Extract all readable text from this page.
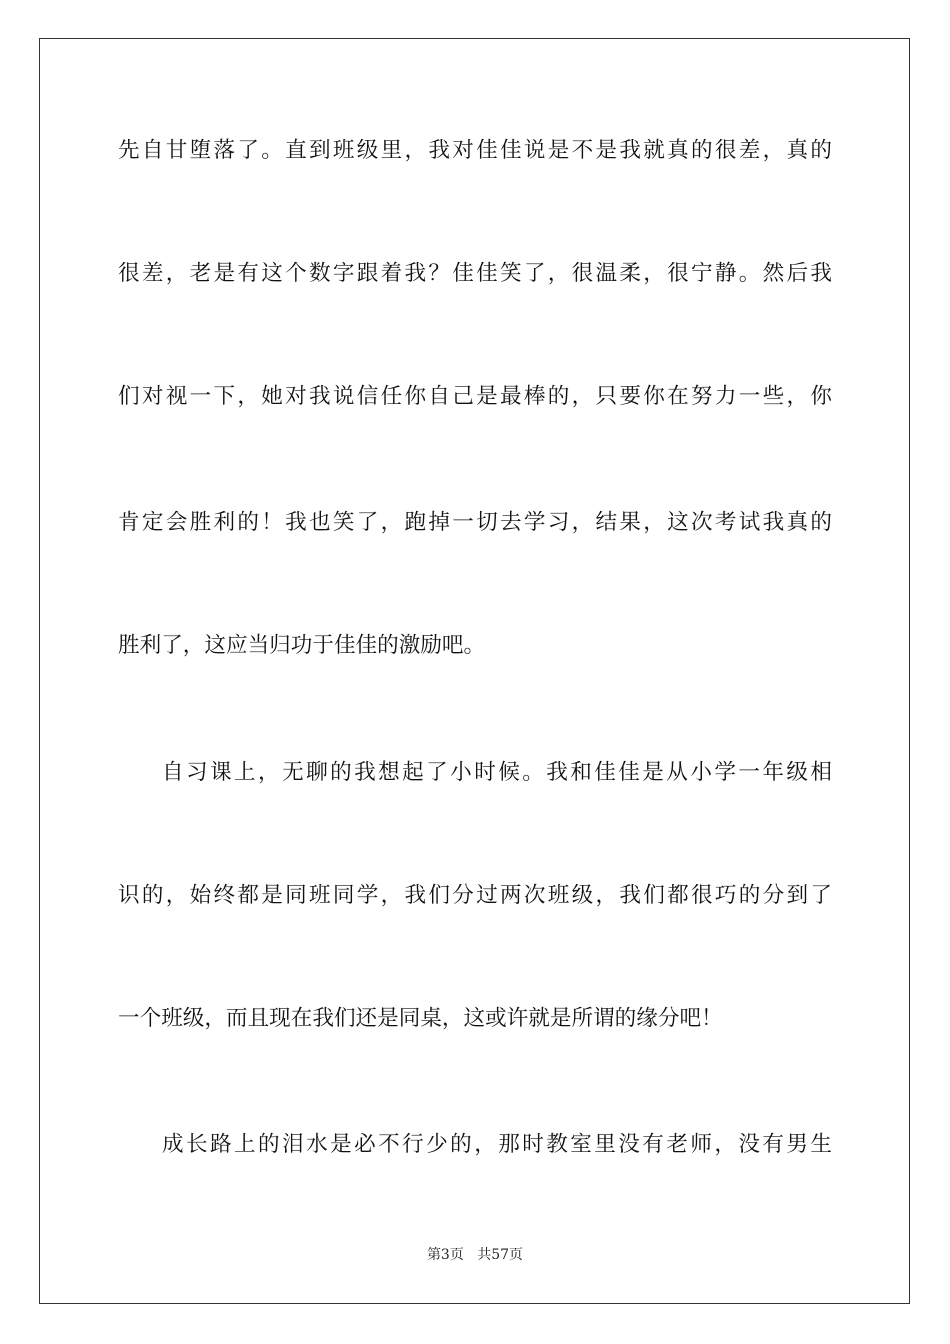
先自甘堕落了。直到班级里，我对佳佳说是不是我就真的很差，真的
很差，老是有这个数字跟着我？佳佳笑了，很温柔，很宁静。然后我
们对视一下，她对我说信任你自己是最棒的，只要你在努力一些，你
肯定会胜利的！我也笑了，跑掉一切去学习，结果，这次考试我真的
胜利了，这应当归功于佳佳的激励吧。
自习课上，无聊的我想起了小时候。我和佳佳是从小学一年级相
识的，始终都是同班同学，我们分过两次班级，我们都很巧的分到了
一个班级，而且现在我们还是同桌，这或许就是所谓的缘分吧！
成长路上的泪水是必不行少的，那时教室里没有老师，没有男生
第3页 共57页
